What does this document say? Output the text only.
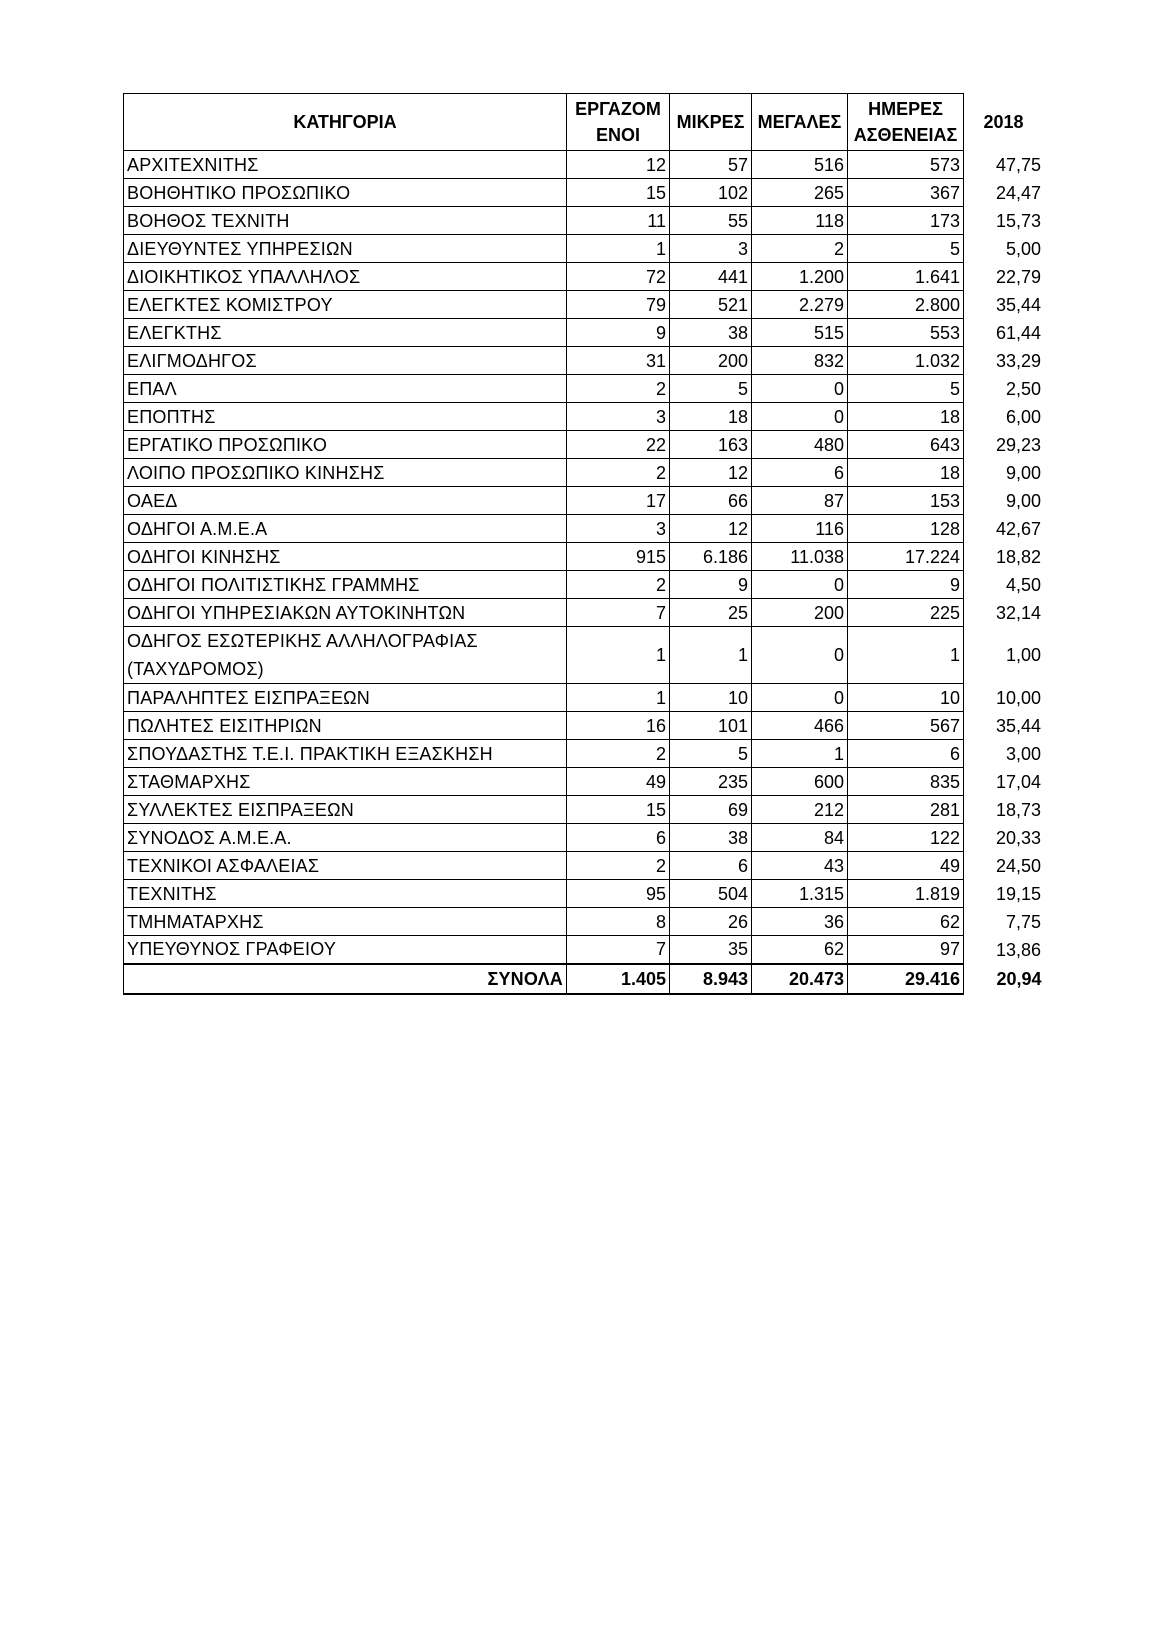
ΚΑΤΗΓΟΡΙΑ	ΕΡΓΑΖΟΜ ΕΝΟΙ	ΜΙΚΡΕΣ	ΜΕΓΑΛΕΣ	ΗΜΕΡΕΣ ΑΣΘΕΝΕΙΑΣ	2018
ΑΡΧΙΤΕΧΝΙΤΗΣ	12	57	516	573	47,75
ΒΟΗΘΗΤΙΚΟ ΠΡΟΣΩΠΙΚΟ	15	102	265	367	24,47
ΒΟΗΘΟΣ ΤΕΧΝΙΤΗ	11	55	118	173	15,73
ΔΙΕΥΘΥΝΤΕΣ ΥΠΗΡΕΣΙΩΝ	1	3	2	5	5,00
ΔΙΟΙΚΗΤΙΚΟΣ ΥΠΑΛΛΗΛΟΣ	72	441	1.200	1.641	22,79
ΕΛΕΓΚΤΕΣ ΚΟΜΙΣΤΡΟΥ	79	521	2.279	2.800	35,44
ΕΛΕΓΚΤΗΣ	9	38	515	553	61,44
ΕΛΙΓΜΟΔΗΓΟΣ	31	200	832	1.032	33,29
ΕΠΑΛ	2	5	0	5	2,50
ΕΠΟΠΤΗΣ	3	18	0	18	6,00
ΕΡΓΑΤΙΚΟ ΠΡΟΣΩΠΙΚΟ	22	163	480	643	29,23
ΛΟΙΠΟ ΠΡΟΣΩΠΙΚΟ ΚΙΝΗΣΗΣ	2	12	6	18	9,00
ΟΑΕΔ	17	66	87	153	9,00
ΟΔΗΓΟΙ Α.Μ.Ε.Α	3	12	116	128	42,67
ΟΔΗΓΟΙ ΚΙΝΗΣΗΣ	915	6.186	11.038	17.224	18,82
ΟΔΗΓΟΙ ΠΟΛΙΤΙΣΤΙΚΗΣ ΓΡΑΜΜΗΣ	2	9	0	9	4,50
ΟΔΗΓΟΙ ΥΠΗΡΕΣΙΑΚΩΝ ΑΥΤΟΚΙΝΗΤΩΝ	7	25	200	225	32,14
ΟΔΗΓΟΣ ΕΣΩΤΕΡΙΚΗΣ ΑΛΛΗΛΟΓΡΑΦΙΑΣ (ΤΑΧΥΔΡΟΜΟΣ)	1	1	0	1	1,00
ΠΑΡΑΛΗΠΤΕΣ ΕΙΣΠΡΑΞΕΩΝ	1	10	0	10	10,00
ΠΩΛΗΤΕΣ ΕΙΣΙΤΗΡΙΩΝ	16	101	466	567	35,44
ΣΠΟΥΔΑΣΤΗΣ Τ.Ε.Ι. ΠΡΑΚΤΙΚΗ ΕΞΑΣΚΗΣΗ	2	5	1	6	3,00
ΣΤΑΘΜΑΡΧΗΣ	49	235	600	835	17,04
ΣΥΛΛΕΚΤΕΣ ΕΙΣΠΡΑΞΕΩΝ	15	69	212	281	18,73
ΣΥΝΟΔΟΣ Α.Μ.Ε.Α.	6	38	84	122	20,33
ΤΕΧΝΙΚΟΙ ΑΣΦΑΛΕΙΑΣ	2	6	43	49	24,50
ΤΕΧΝΙΤΗΣ	95	504	1.315	1.819	19,15
ΤΜΗΜΑΤΑΡΧΗΣ	8	26	36	62	7,75
ΥΠΕΥΘΥΝΟΣ ΓΡΑΦΕΙΟΥ	7	35	62	97	13,86
ΣΥΝΟΛΑ	1.405	8.943	20.473	29.416	20,94
